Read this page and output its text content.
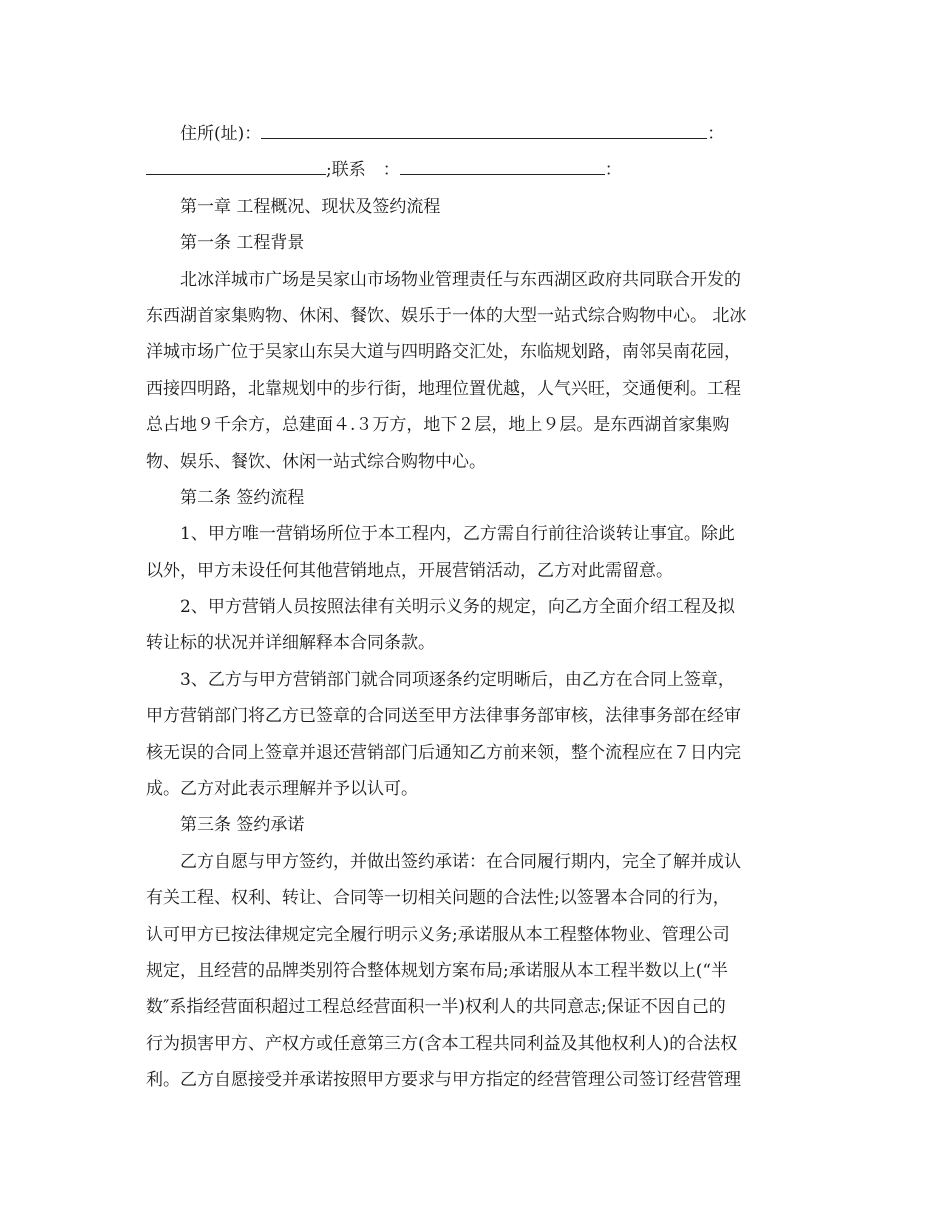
住所(址)：	：
;联系　：	：
第一章 工程概况、现状及签约流程
第一条 工程背景
北冰洋城市广场是吴家山市场物业管理责任与东西湖区政府共同联合开发的
东西湖首家集购物、休闲、餐饮、娱乐于一体的大型一站式综合购物中心。 北冰
洋城市场广位于吴家山东吴大道与四明路交汇处，东临规划路，南邻吴南花园，
西接四明路，北靠规划中的步行街，地理位置优越，人气兴旺，交通便利。工程
总占地９千余方，总建面４.３万方，地下２层，地上９层。是东西湖首家集购
物、娱乐、餐饮、休闲一站式综合购物中心。
第二条 签约流程
1、甲方唯一营销场所位于本工程内，乙方需自行前往洽谈转让事宜。除此
以外，甲方未设任何其他营销地点，开展营销活动，乙方对此需留意。
2、甲方营销人员按照法律有关明示义务的规定，向乙方全面介绍工程及拟
转让标的状况并详细解释本合同条款。
3、乙方与甲方营销部门就合同项逐条约定明晰后，由乙方在合同上签章，
甲方营销部门将乙方已签章的合同送至甲方法律事务部审核，法律事务部在经审
核无误的合同上签章并退还营销部门后通知乙方前来领，整个流程应在７日内完
成。乙方对此表示理解并予以认可。
第三条 签约承诺
乙方自愿与甲方签约，并做出签约承诺：在合同履行期内，完全了解并成认
有关工程、权利、转让、合同等一切相关问题的合法性;以签署本合同的行为，
认可甲方已按法律规定完全履行明示义务;承诺服从本工程整体物业、管理公司
规定，且经营的品牌类别符合整体规划方案布局;承诺服从本工程半数以上(“半
数″系指经营面积超过工程总经营面积一半)权利人的共同意志;保证不因自己的
行为损害甲方、产权方或任意第三方(含本工程共同利益及其他权利人)的合法权
利。乙方自愿接受并承诺按照甲方要求与甲方指定的经营管理公司签订经营管理
